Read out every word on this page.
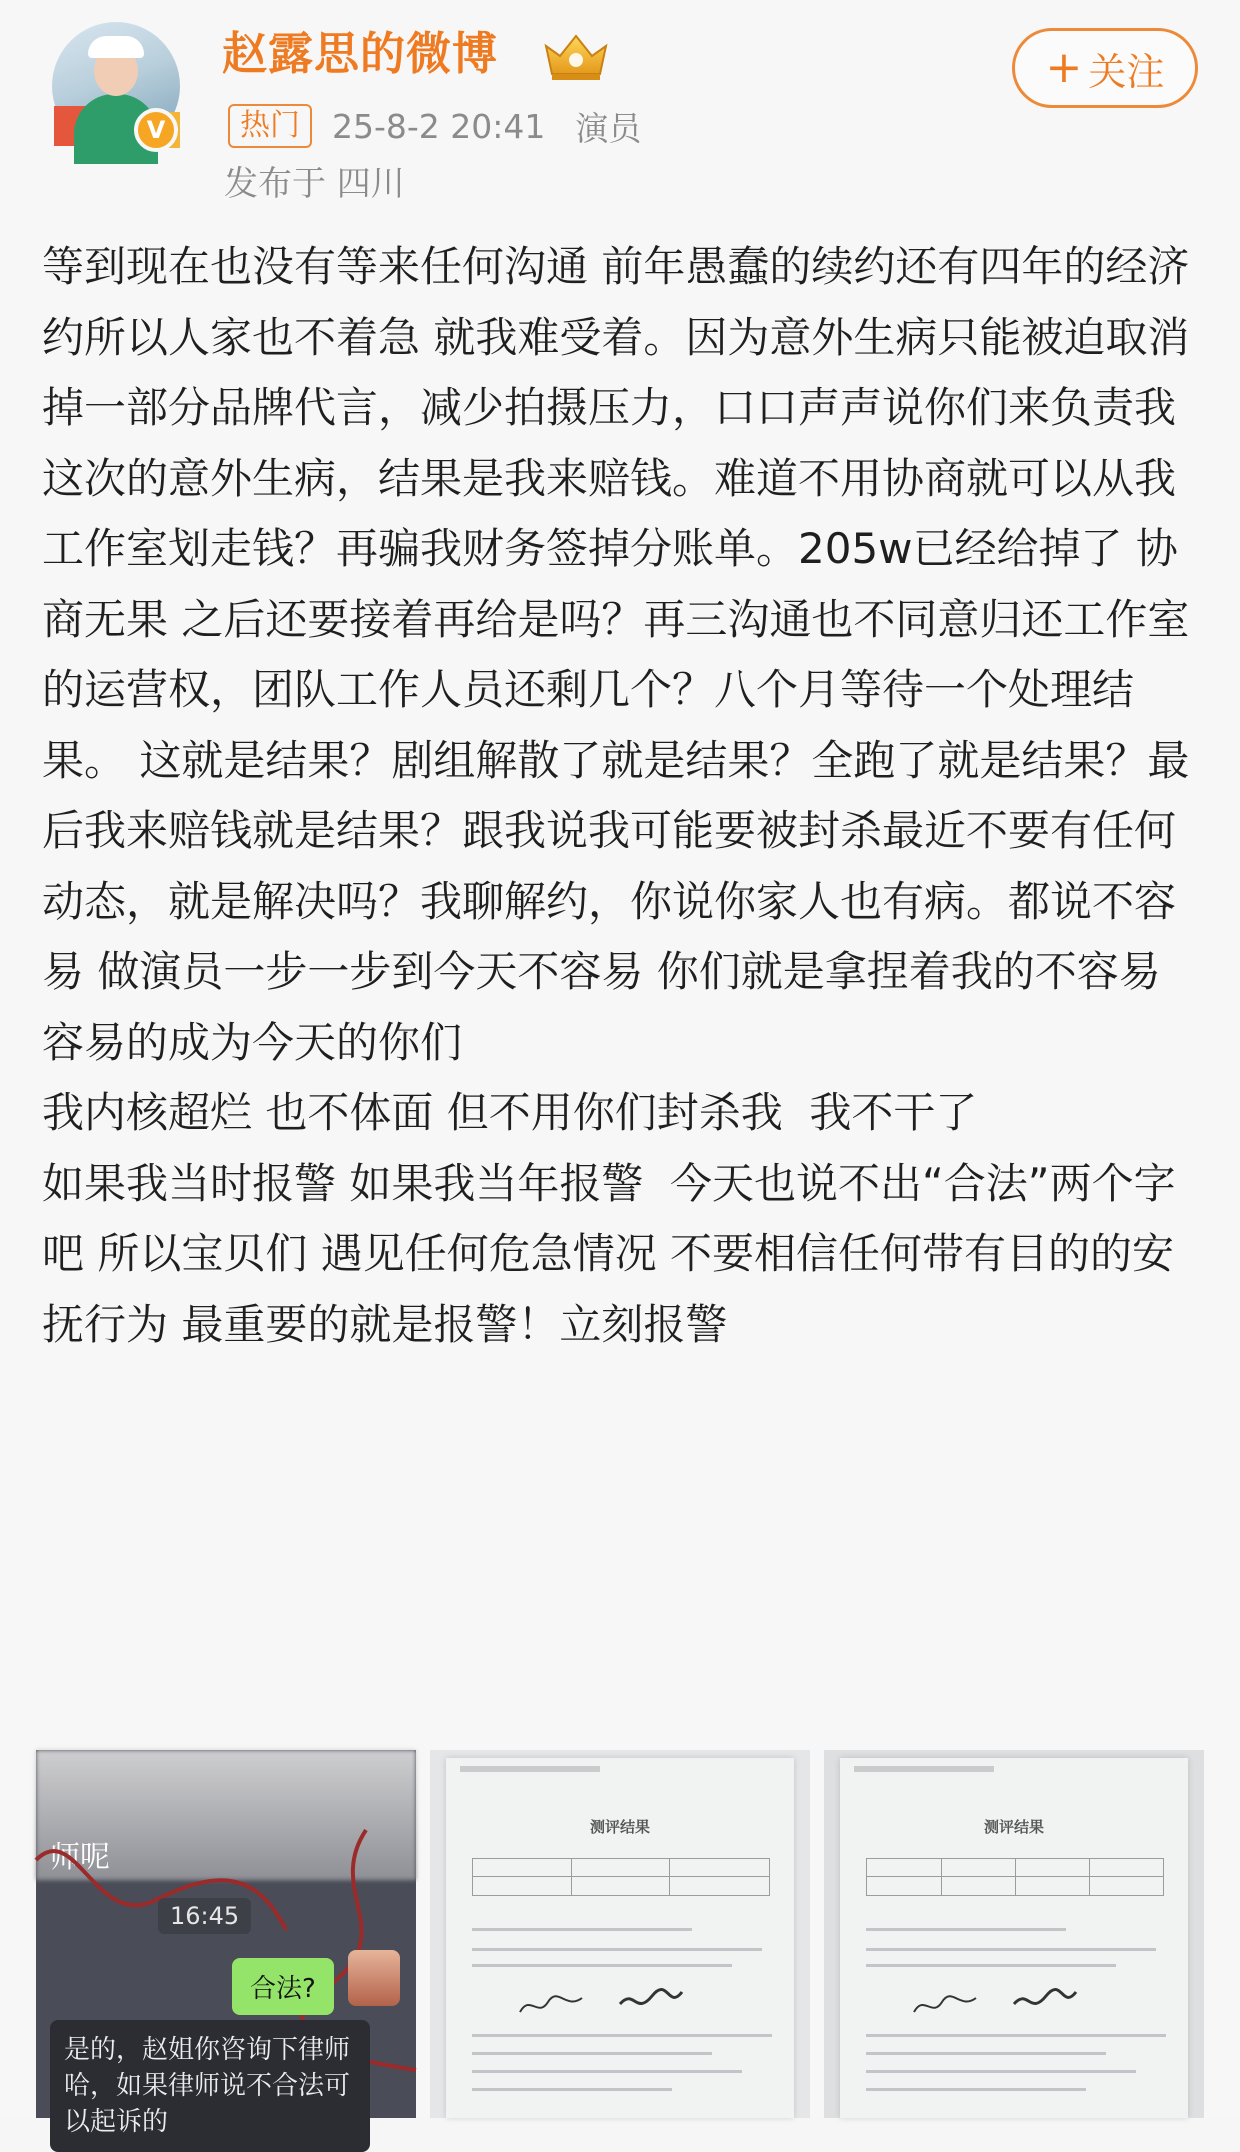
V
赵露思的微博	+ 关注
热门 25-8-2 20:41 演员
发布于 四川

等到现在也没有等来任何沟通 前年愚蠢的续约还有四年的经济约所以人家也不着急 就我难受着。因为意外生病只能被迫取消掉一部分品牌代言，减少拍摄压力，口口声声说你们来负责我这次的意外生病，结果是我来赔钱。难道不用协商就可以从我工作室划走钱？再骗我财务签掉分账单。205w已经给掉了 协商无果 之后还要接着再给是吗？再三沟通也不同意归还工作室的运营权，团队工作人员还剩几个？八个月等待一个处理结果。 这就是结果？剧组解散了就是结果？全跑了就是结果？最后我来赔钱就是结果？跟我说我可能要被封杀最近不要有任何动态，就是解决吗？我聊解约，你说你家人也有病。都说不容易 做演员一步一步到今天不容易 你们就是拿捏着我的不容易 容易的成为今天的你们

我内核超烂 也不体面 但不用你们封杀我  我不干了

如果我当时报警 如果我当年报警  今天也说不出“合法”两个字吧 所以宝贝们 遇见任何危急情况 不要相信任何带有目的的安抚行为 最重要的就是报警！立刻报警

师呢
16:45
合法?
是的，赵姐你咨询下律师哈，如果律师说不合法可以起诉的
测评结果	测评结果
